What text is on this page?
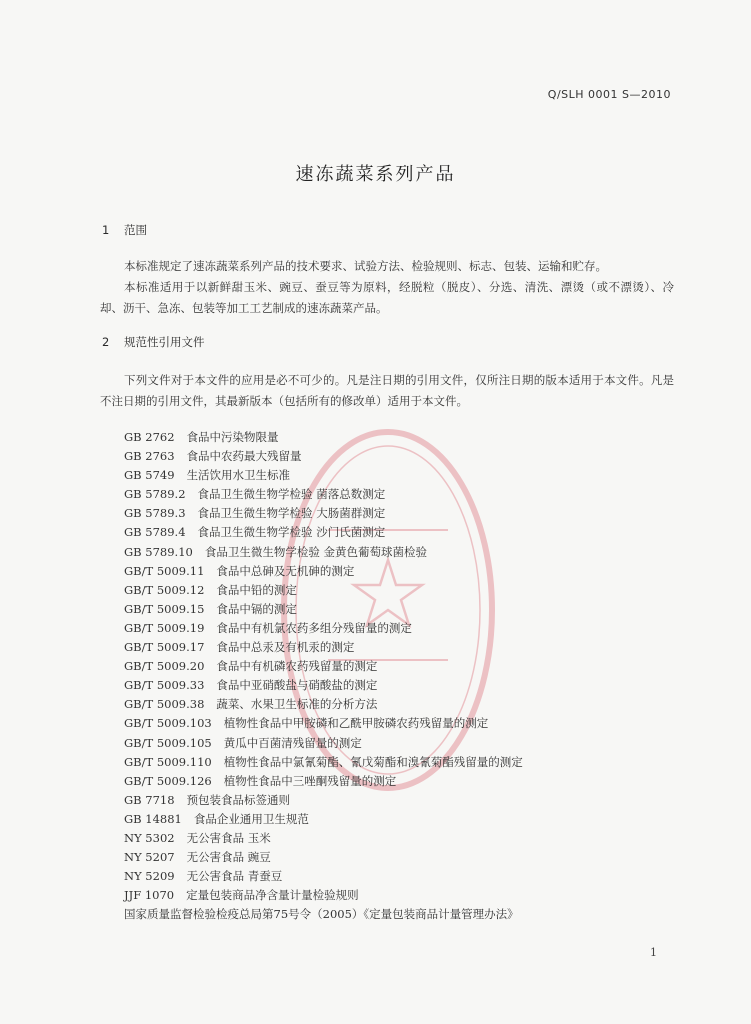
Q/SLH 0001 S—2010
速冻蔬菜系列产品
1 范围
本标准规定了速冻蔬菜系列产品的技术要求、试验方法、检验规则、标志、包装、运输和贮存。
本标准适用于以新鲜甜玉米、豌豆、蚕豆等为原料，经脱粒（脱皮）、分选、清洗、漂烫（或不漂烫）、冷却、沥干、急冻、包装等加工工艺制成的速冻蔬菜产品。
2 规范性引用文件
下列文件对于本文件的应用是必不可少的。凡是注日期的引用文件，仅所注日期的版本适用于本文件。凡是不注日期的引用文件，其最新版本（包括所有的修改单）适用于本文件。
GB 2762 食品中污染物限量
GB 2763 食品中农药最大残留量
GB 5749 生活饮用水卫生标准
GB 5789.2 食品卫生微生物学检验 菌落总数测定
GB 5789.3 食品卫生微生物学检验 大肠菌群测定
GB 5789.4 食品卫生微生物学检验 沙门氏菌测定
GB 5789.10 食品卫生微生物学检验 金黄色葡萄球菌检验
GB/T 5009.11 食品中总砷及无机砷的测定
GB/T 5009.12 食品中铅的测定
GB/T 5009.15 食品中镉的测定
GB/T 5009.19 食品中有机氯农药多组分残留量的测定
GB/T 5009.17 食品中总汞及有机汞的测定
GB/T 5009.20 食品中有机磷农药残留量的测定
GB/T 5009.33 食品中亚硝酸盐与硝酸盐的测定
GB/T 5009.38 蔬菜、水果卫生标准的分析方法
GB/T 5009.103 植物性食品中甲胺磷和乙酰甲胺磷农药残留量的测定
GB/T 5009.105 黄瓜中百菌清残留量的测定
GB/T 5009.110 植物性食品中氯氰菊酯、氰戊菊酯和溴氰菊酯残留量的测定
GB/T 5009.126 植物性食品中三唑酮残留量的测定
GB 7718 预包装食品标签通则
GB 14881 食品企业通用卫生规范
NY 5302 无公害食品 玉米
NY 5207 无公害食品 豌豆
NY 5209 无公害食品 青蚕豆
JJF 1070 定量包装商品净含量计量检验规则
国家质量监督检验检疫总局第75号令（2005）《定量包装商品计量管理办法》
1
